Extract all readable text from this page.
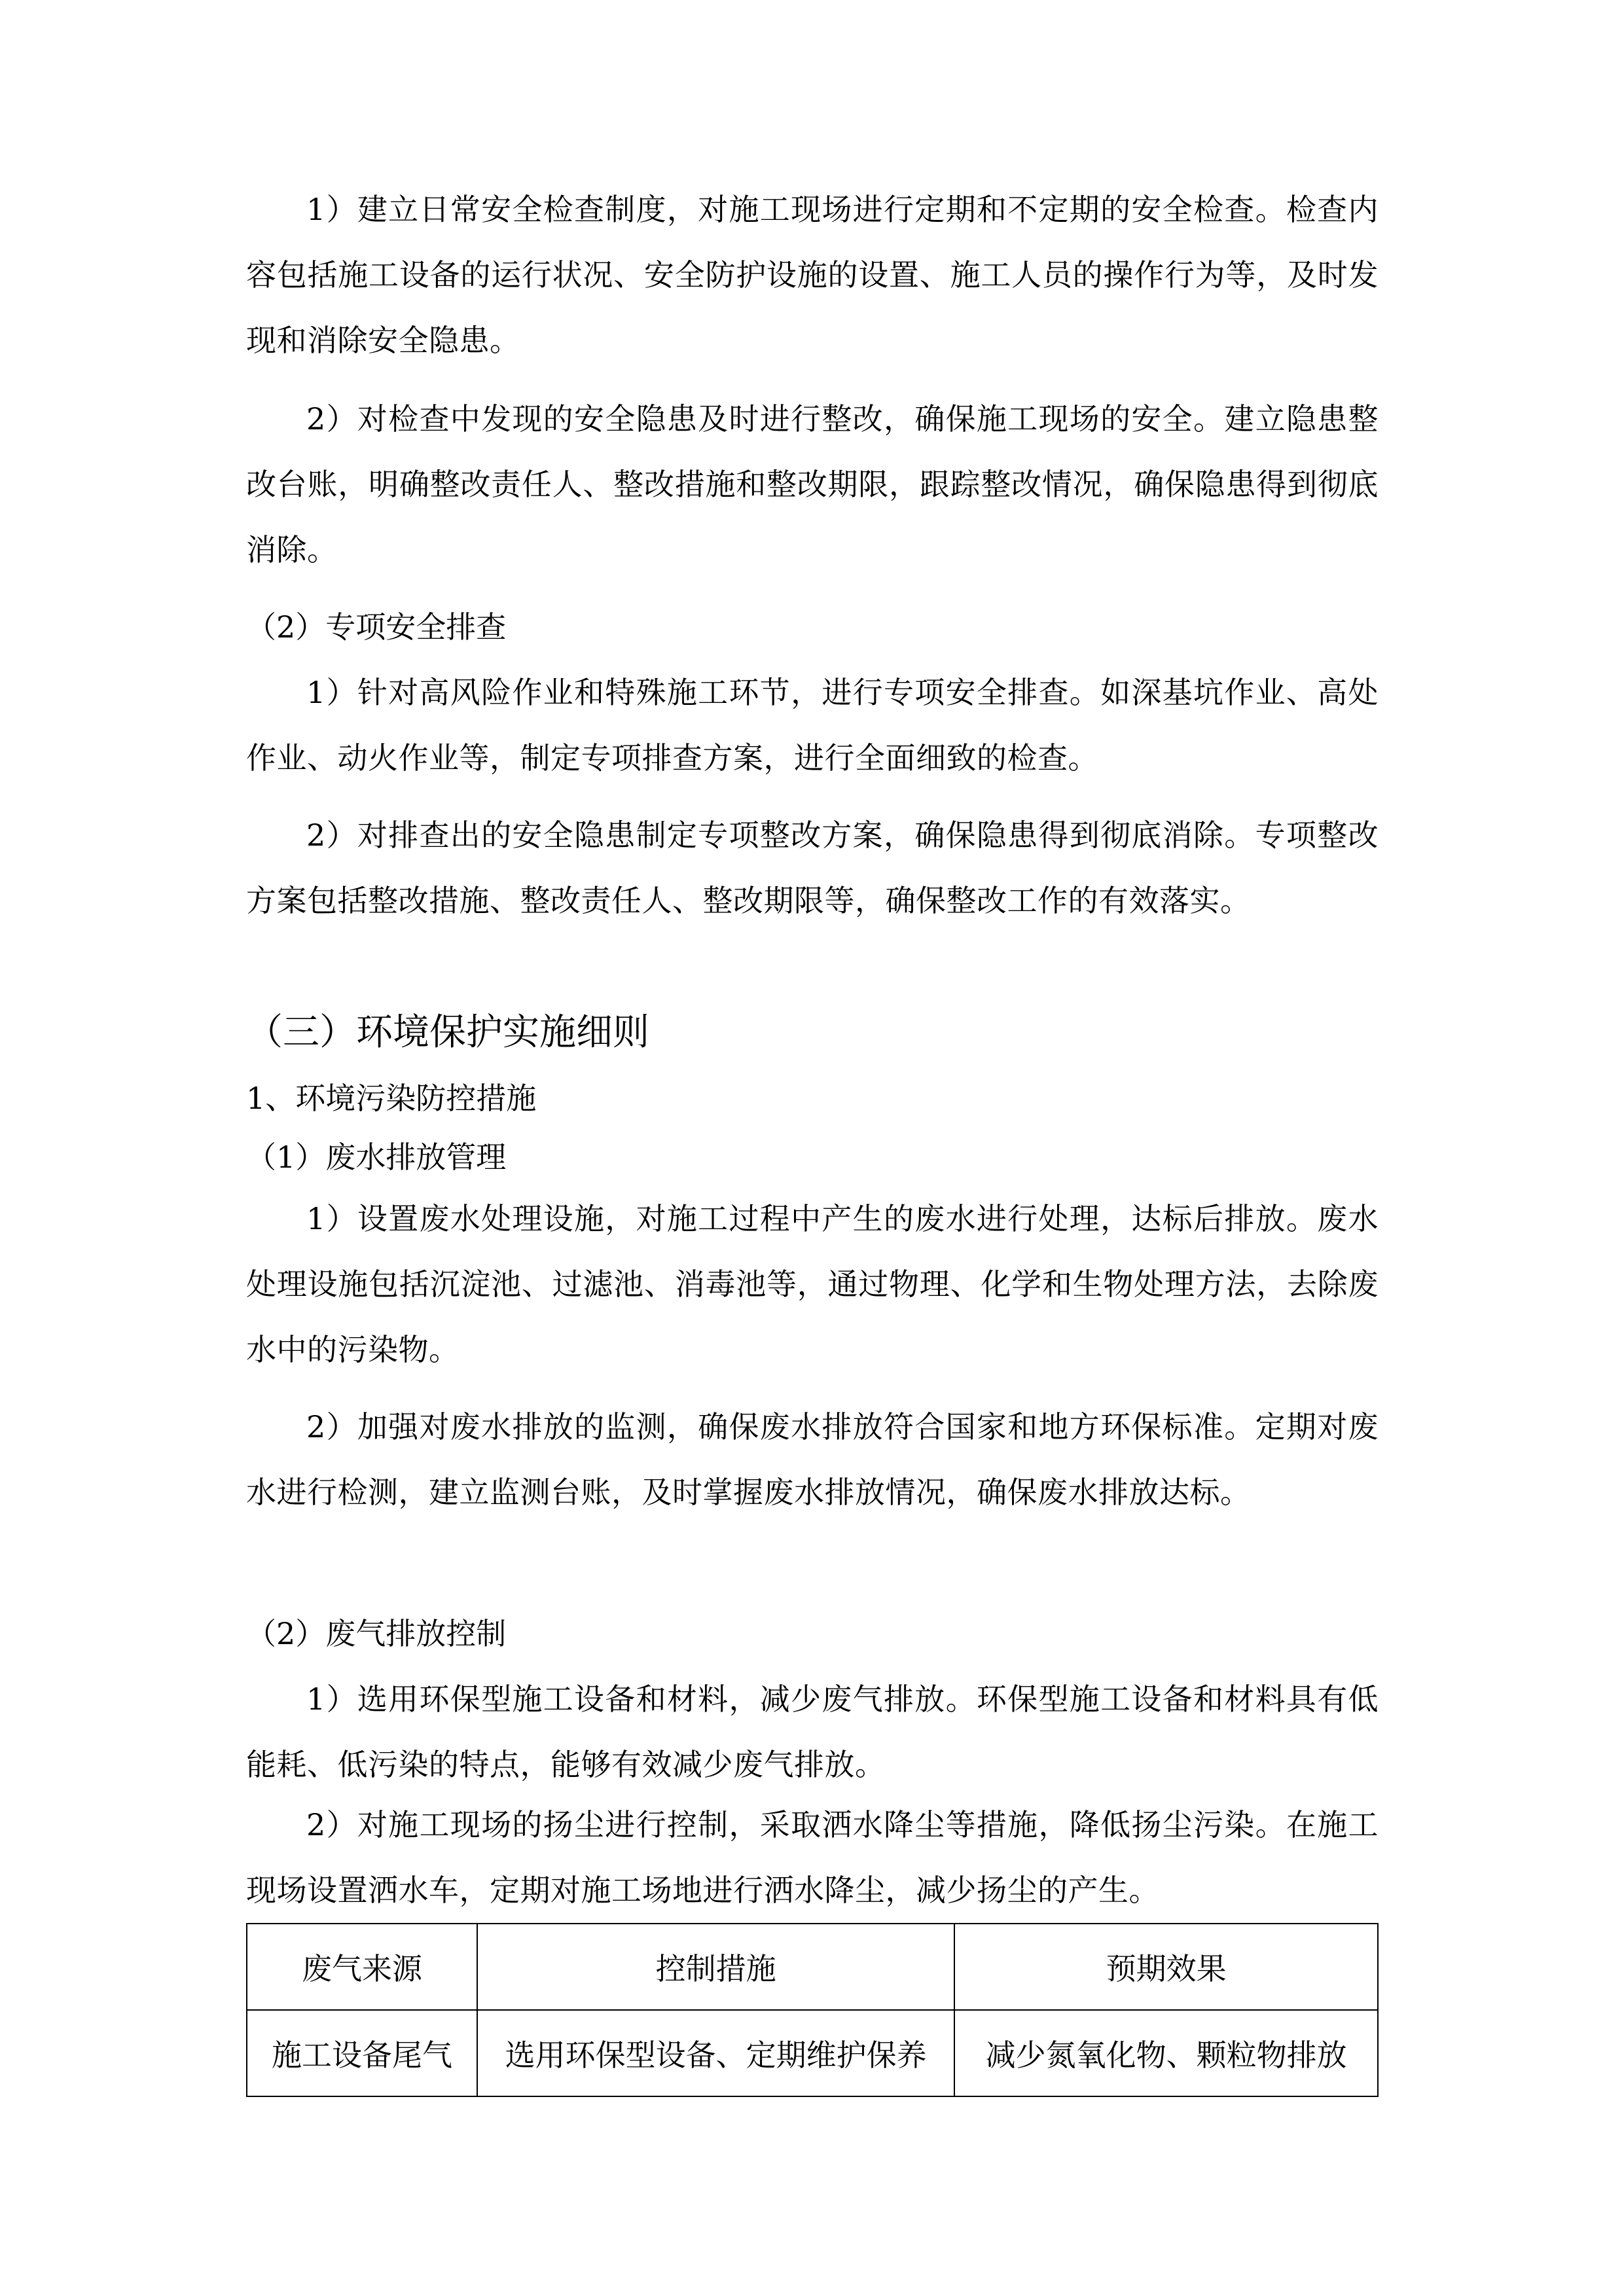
1）建立日常安全检查制度，对施工现场进行定期和不定期的安全检查。检查内容包括施工设备的运行状况、安全防护设施的设置、施工人员的操作行为等，及时发现和消除安全隐患。

2）对检查中发现的安全隐患及时进行整改，确保施工现场的安全。建立隐患整改台账，明确整改责任人、整改措施和整改期限，跟踪整改情况，确保隐患得到彻底消除。

（2）专项安全排查

1）针对高风险作业和特殊施工环节，进行专项安全排查。如深基坑作业、高处作业、动火作业等，制定专项排查方案，进行全面细致的检查。

2）对排查出的安全隐患制定专项整改方案，确保隐患得到彻底消除。专项整改方案包括整改措施、整改责任人、整改期限等，确保整改工作的有效落实。

（三）环境保护实施细则

1、环境污染防控措施

（1）废水排放管理

1）设置废水处理设施，对施工过程中产生的废水进行处理，达标后排放。废水处理设施包括沉淀池、过滤池、消毒池等，通过物理、化学和生物处理方法，去除废水中的污染物。

2）加强对废水排放的监测，确保废水排放符合国家和地方环保标准。定期对废水进行检测，建立监测台账，及时掌握废水排放情况，确保废水排放达标。

（2）废气排放控制

1）选用环保型施工设备和材料，减少废气排放。环保型施工设备和材料具有低能耗、低污染的特点，能够有效减少废气排放。

2）对施工现场的扬尘进行控制，采取洒水降尘等措施，降低扬尘污染。在施工现场设置洒水车，定期对施工场地进行洒水降尘，减少扬尘的产生。

废气来源	控制措施	预期效果
施工设备尾气	选用环保型设备、定期维护保养	减少氮氧化物、颗粒物排放
